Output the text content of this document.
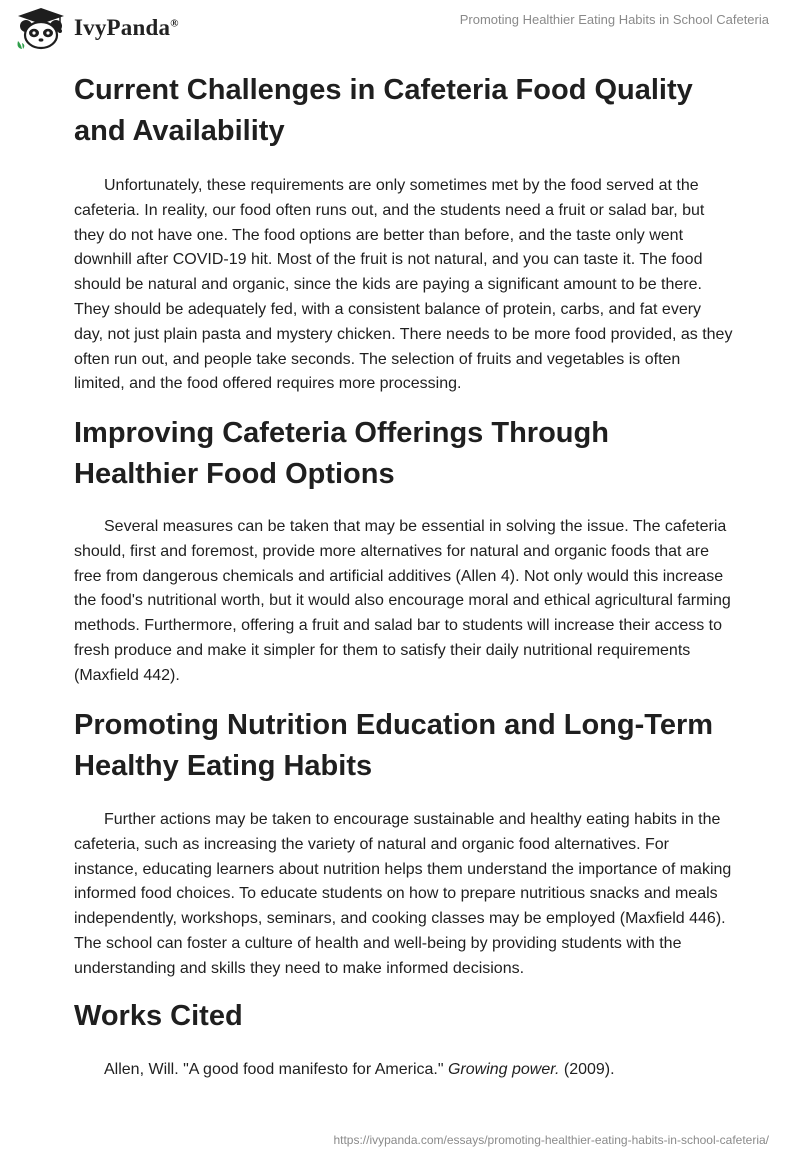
IvyPanda®	Promoting Healthier Eating Habits in School Cafeteria
Current Challenges in Cafeteria Food Quality and Availability

Unfortunately, these requirements are only sometimes met by the food served at the cafeteria. In reality, our food often runs out, and the students need a fruit or salad bar, but they do not have one. The food options are better than before, and the taste only went downhill after COVID-19 hit. Most of the fruit is not natural, and you can taste it. The food should be natural and organic, since the kids are paying a significant amount to be there. They should be adequately fed, with a consistent balance of protein, carbs, and fat every day, not just plain pasta and mystery chicken. There needs to be more food provided, as they often run out, and people take seconds. The selection of fruits and vegetables is often limited, and the food offered requires more processing.

Improving Cafeteria Offerings Through Healthier Food Options

Several measures can be taken that may be essential in solving the issue. The cafeteria should, first and foremost, provide more alternatives for natural and organic foods that are free from dangerous chemicals and artificial additives (Allen 4). Not only would this increase the food's nutritional worth, but it would also encourage moral and ethical agricultural farming methods. Furthermore, offering a fruit and salad bar to students will increase their access to fresh produce and make it simpler for them to satisfy their daily nutritional requirements (Maxfield 442).

Promoting Nutrition Education and Long-Term Healthy Eating Habits

Further actions may be taken to encourage sustainable and healthy eating habits in the cafeteria, such as increasing the variety of natural and organic food alternatives. For instance, educating learners about nutrition helps them understand the importance of making informed food choices. To educate students on how to prepare nutritious snacks and meals independently, workshops, seminars, and cooking classes may be employed (Maxfield 446). The school can foster a culture of health and well-being by providing students with the understanding and skills they need to make informed decisions.

Works Cited

Allen, Will. "A good food manifesto for America." Growing power. (2009).

https://ivypanda.com/essays/promoting-healthier-eating-habits-in-school-cafeteria/
